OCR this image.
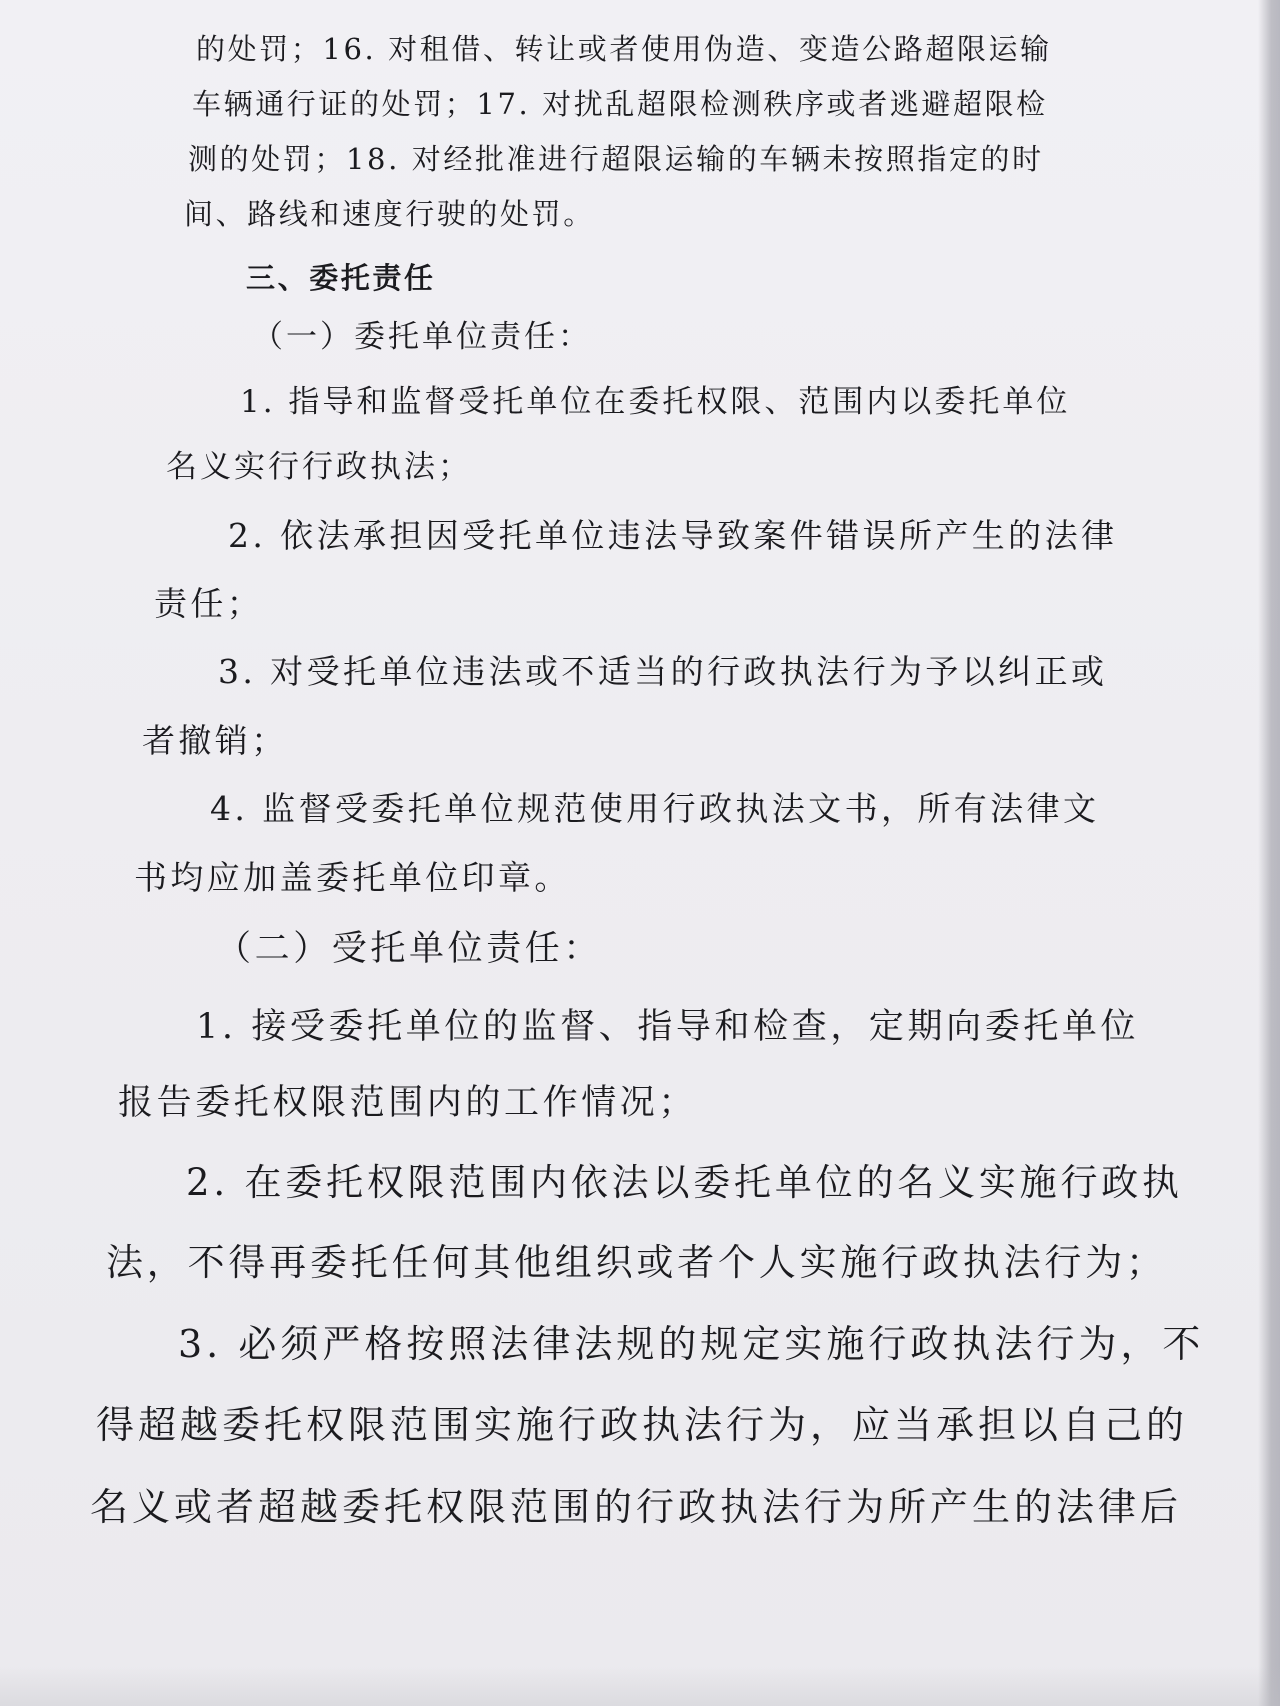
的处罚；16. 对租借、转让或者使用伪造、变造公路超限运输
车辆通行证的处罚；17. 对扰乱超限检测秩序或者逃避超限检
测的处罚；18. 对经批准进行超限运输的车辆未按照指定的时
间、路线和速度行驶的处罚。
三、委托责任
（一）委托单位责任：
1. 指导和监督受托单位在委托权限、范围内以委托单位
名义实行行政执法；
2. 依法承担因受托单位违法导致案件错误所产生的法律
责任；
3. 对受托单位违法或不适当的行政执法行为予以纠正或
者撤销；
4. 监督受委托单位规范使用行政执法文书，所有法律文
书均应加盖委托单位印章。
（二）受托单位责任：
1. 接受委托单位的监督、指导和检查，定期向委托单位
报告委托权限范围内的工作情况；
2. 在委托权限范围内依法以委托单位的名义实施行政执
法，不得再委托任何其他组织或者个人实施行政执法行为；
3. 必须严格按照法律法规的规定实施行政执法行为，不
得超越委托权限范围实施行政执法行为，应当承担以自己的
名义或者超越委托权限范围的行政执法行为所产生的法律后
